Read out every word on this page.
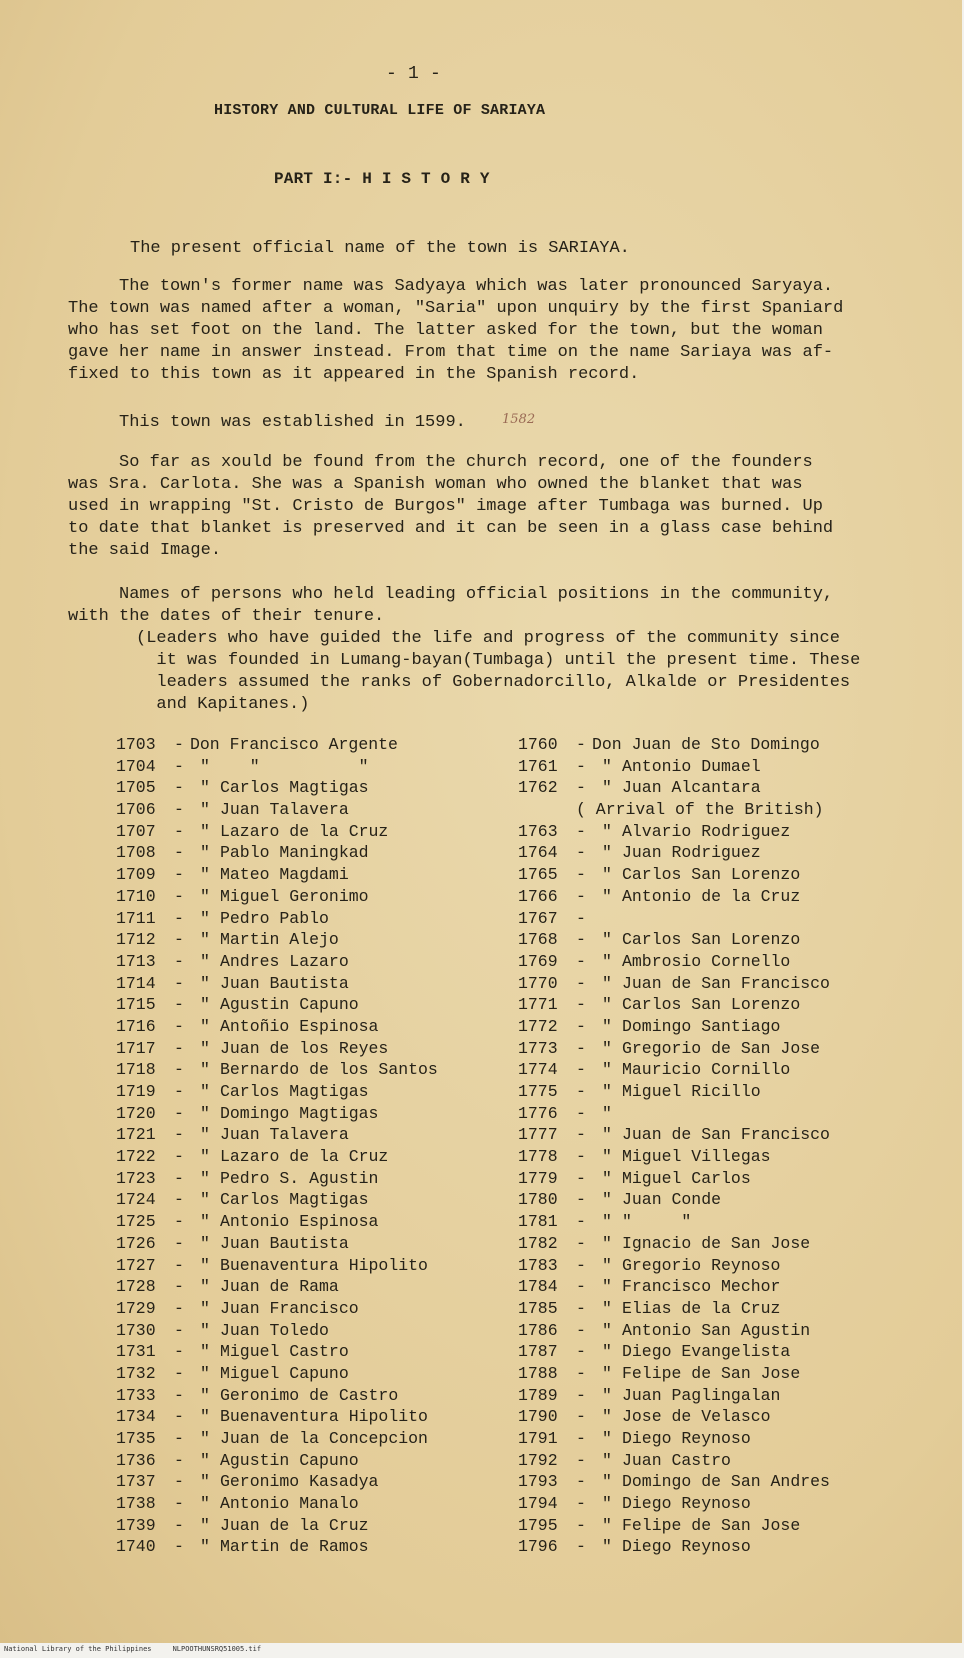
- 1 -
HISTORY AND CULTURAL LIFE OF SARIAYA
PART I:- H I S T O R Y
The present official name of the town is SARIAYA.
The town's former name was Sadyaya which was later pronounced Saryaya.
The town was named after a woman, "Saria" upon unquiry by the first Spaniard
who has set foot on the land. The latter asked for the town, but the woman
gave her name in answer instead. From that time on the name Sariaya was af-
fixed to this town as it appeared in the Spanish record.
This town was established in 1599.	1582
So far as xould be found from the church record, one of the founders
was Sra. Carlota. She was a Spanish woman who owned the blanket that was
used in wrapping "St. Cristo de Burgos" image after Tumbaga was burned. Up
to date that blanket is preserved and it can be seen in a glass case behind
the said Image.
Names of persons who held leading official positions in the community,
with the dates of their tenure.
(Leaders who have guided the life and progress of the community since
it was founded in Lumang-bayan(Tumbaga) until the present time. These
leaders assumed the ranks of Gobernadorcillo, Alkalde or Presidentes
and Kapitanes.)
1703	- Don Francisco Argente
1704	- " "          "
1705	- " Carlos Magtigas
1706	- " Juan Talavera
1707	- " Lazaro de la Cruz
1708	- " Pablo Maningkad
1709	- " Mateo Magdami
1710	- " Miguel Geronimo
1711	- " Pedro Pablo
1712	- " Martin Alejo
1713	- " Andres Lazaro
1714	- " Juan Bautista
1715	- " Agustin Capuno
1716	- " Antoñio Espinosa
1717	- " Juan de los Reyes
1718	- " Bernardo de los Santos
1719	- " Carlos Magtigas
1720	- " Domingo Magtigas
1721	- " Juan Talavera
1722	- " Lazaro de la Cruz
1723	- " Pedro S. Agustin
1724	- " Carlos Magtigas
1725	- " Antonio Espinosa
1726	- " Juan Bautista
1727	- " Buenaventura Hipolito
1728	- " Juan de Rama
1729	- " Juan Francisco
1730	- " Juan Toledo
1731	- " Miguel Castro
1732	- " Miguel Capuno
1733	- " Geronimo de Castro
1734	- " Buenaventura Hipolito
1735	- " Juan de la Concepcion
1736	- " Agustin Capuno
1737	- " Geronimo Kasadya
1738	- " Antonio Manalo
1739	- " Juan de la Cruz
1740	- " Martin de Ramos
1760	- Don Juan de Sto Domingo
1761	- " Antonio Dumael
1762	- " Juan Alcantara
( Arrival of the British)
1763	- " Alvario Rodriguez
1764	- " Juan Rodriguez
1765	- " Carlos San Lorenzo
1766	- " Antonio de la Cruz
1767	-
1768	- " Carlos San Lorenzo
1769	- " Ambrosio Cornello
1770	- " Juan de San Francisco
1771	- " Carlos San Lorenzo
1772	- " Domingo Santiago
1773	- " Gregorio de San Jose
1774	- " Mauricio Cornillo
1775	- " Miguel Ricillo
1776	- "
1777	- " Juan de San Francisco
1778	- " Miguel Villegas
1779	- " Miguel Carlos
1780	- " Juan Conde
1781	- " "     "
1782	- " Ignacio de San Jose
1783	- " Gregorio Reynoso
1784	- " Francisco Mechor
1785	- " Elias de la Cruz
1786	- " Antonio San Agustin
1787	- " Diego Evangelista
1788	- " Felipe de San Jose
1789	- " Juan Paglingalan
1790	- " Jose de Velasco
1791	- " Diego Reynoso
1792	- " Juan Castro
1793	- " Domingo de San Andres
1794	- " Diego Reynoso
1795	- " Felipe de San Jose
1796	- " Diego Reynoso
National Library of the Philippines     NLPOOTHUNSRQ51005.tif
